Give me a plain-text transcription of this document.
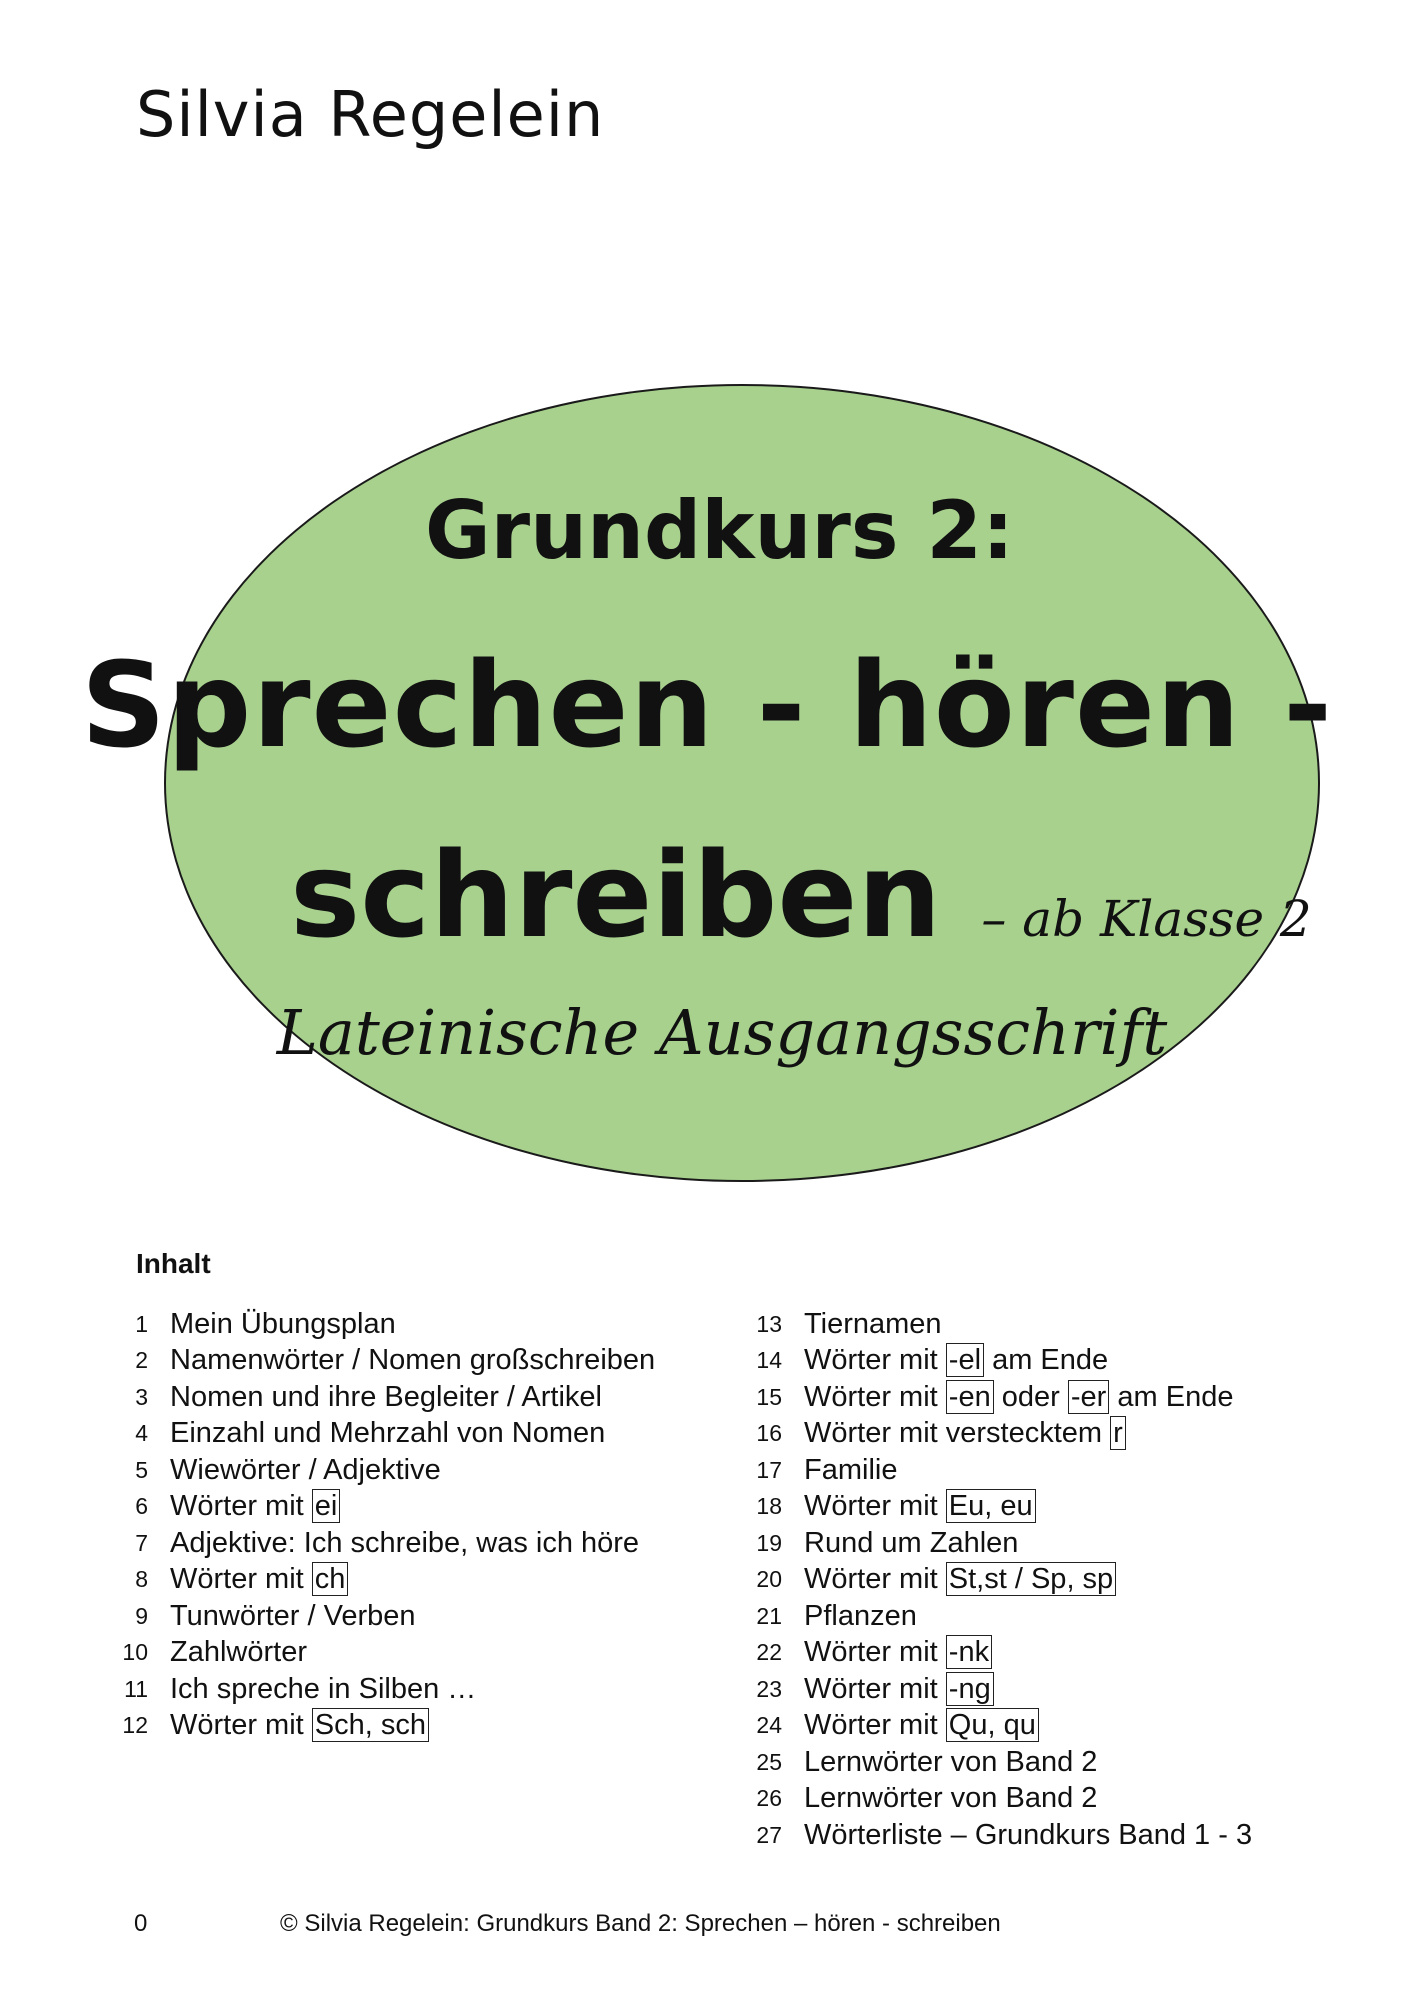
Silvia Regelein

Grundkurs 2:

Sprechen - hören -

schreiben – ab Klasse 2

Lateinische Ausgangsschrift

Inhalt
1 Mein Übungsplan
2 Namenwörter / Nomen großschreiben
3 Nomen und ihre Begleiter / Artikel
4 Einzahl und Mehrzahl von Nomen
5 Wiewörter / Adjektive
6 Wörter mit ei
7 Adjektive: Ich schreibe, was ich höre
8 Wörter mit ch
9 Tunwörter / Verben
10 Zahlwörter
11 Ich spreche in Silben …
12 Wörter mit Sch, sch
13 Tiernamen
14 Wörter mit -el am Ende
15 Wörter mit -en oder -er am Ende
16 Wörter mit verstecktem r
17 Familie
18 Wörter mit Eu, eu
19 Rund um Zahlen
20 Wörter mit St,st / Sp, sp
21 Pflanzen
22 Wörter mit -nk
23 Wörter mit -ng
24 Wörter mit Qu, qu
25 Lernwörter von Band 2
26 Lernwörter von Band 2
27 Wörterliste – Grundkurs Band 1 - 3

0	© Silvia Regelein: Grundkurs Band 2: Sprechen – hören - schreiben
